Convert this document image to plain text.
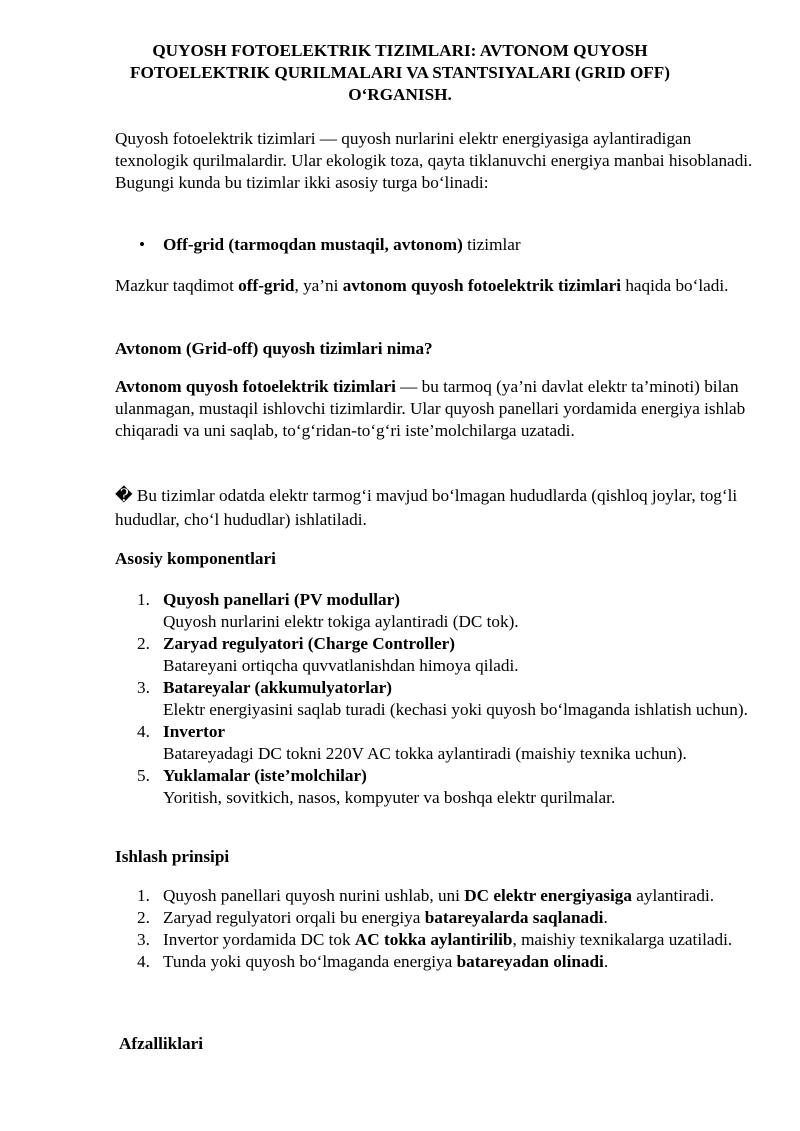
QUYOSH FOTOELEKTRIK TIZIMLARI: AVTONOM QUYOSH FOTOELEKTRIK QURILMALARI VA STANTSIYALARI (GRID OFF) O‘RGANISH.

Quyosh fotoelektrik tizimlari — quyosh nurlarini elektr energiyasiga aylantiradigan texnologik qurilmalardir. Ular ekologik toza, qayta tiklanuvchi energiya manbai hisoblanadi. Bugungi kunda bu tizimlar ikki asosiy turga bo‘linadi:

• Off-grid (tarmoqdan mustaqil, avtonom) tizimlar

Mazkur taqdimot off-grid, ya’ni avtonom quyosh fotoelektrik tizimlari haqida bo‘ladi.

Avtonom (Grid-off) quyosh tizimlari nima?

Avtonom quyosh fotoelektrik tizimlari — bu tarmoq (ya’ni davlat elektr ta’minoti) bilan ulanmagan, mustaqil ishlovchi tizimlardir. Ular quyosh panellari yordamida energiya ishlab chiqaradi va uni saqlab, to‘g‘ridan-to‘g‘ri iste’molchilarga uzatadi.

� Bu tizimlar odatda elektr tarmog‘i mavjud bo‘lmagan hududlarda (qishloq joylar, tog‘li hududlar, cho‘l hududlar) ishlatiladi.

Asosiy komponentlari

1. Quyosh panellari (PV modullar)
Quyosh nurlarini elektr tokiga aylantiradi (DC tok).
2. Zaryad regulyatori (Charge Controller)
Batareyani ortiqcha quvvatlanishdan himoya qiladi.
3. Batareyalar (akkumulyatorlar)
Elektr energiyasini saqlab turadi (kechasi yoki quyosh bo‘lmaganda ishlatish uchun).
4. Invertor
Batareyadagi DC tokni 220V AC tokka aylantiradi (maishiy texnika uchun).
5. Yuklamalar (iste’molchilar)
Yoritish, sovitkich, nasos, kompyuter va boshqa elektr qurilmalar.

Ishlash prinsipi

1. Quyosh panellari quyosh nurini ushlab, uni DC elektr energiyasiga aylantiradi.
2. Zaryad regulyatori orqali bu energiya batareyalarda saqlanadi.
3. Invertor yordamida DC tok AC tokka aylantirilib, maishiy texnikalarga uzatiladi.
4. Tunda yoki quyosh bo‘lmaganda energiya batareyadan olinadi.

Afzalliklari
